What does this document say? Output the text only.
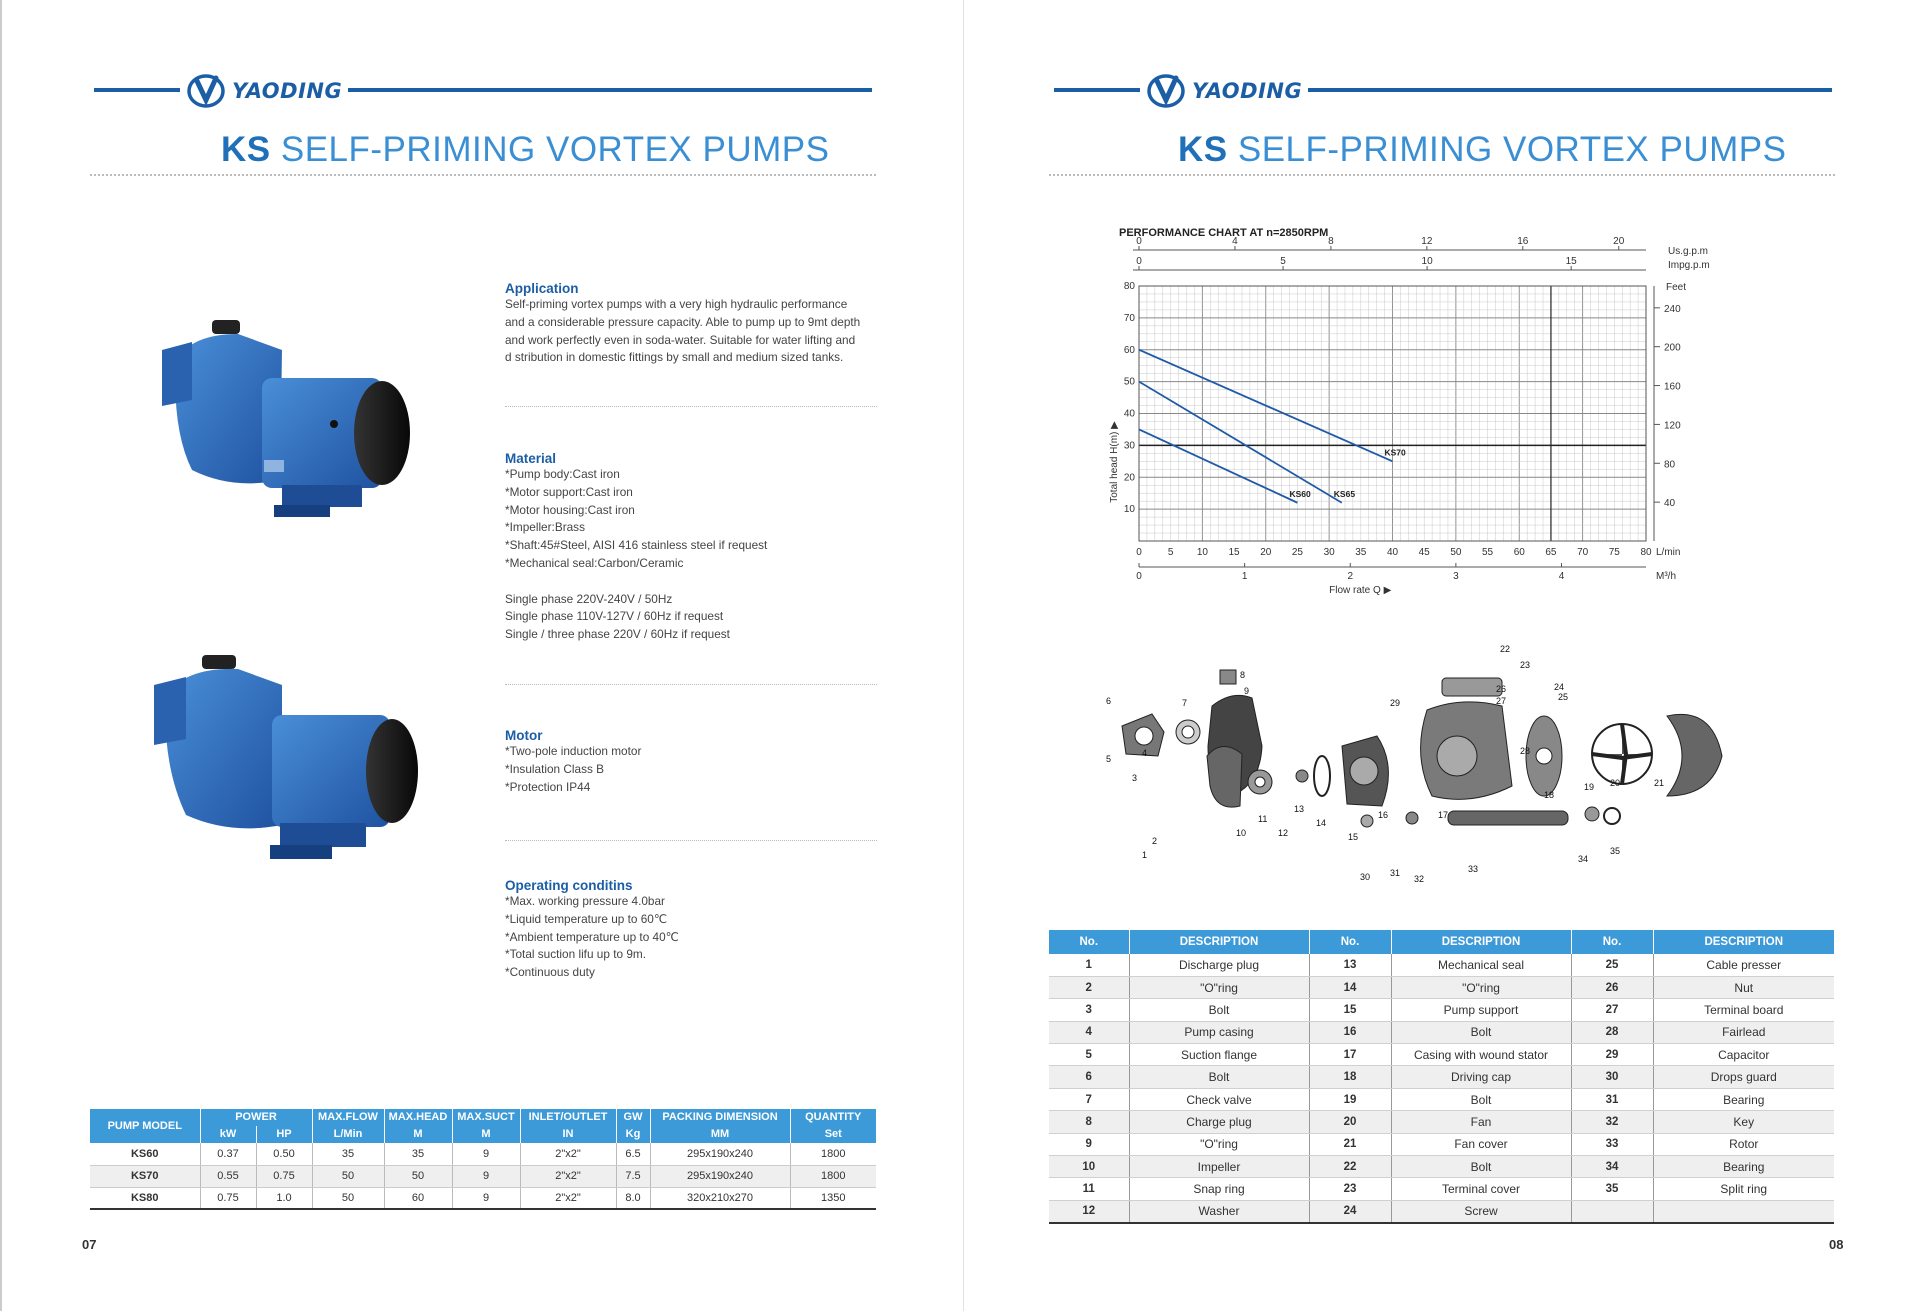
YAODING
KS SELF-PRIMING VORTEX PUMPS
Application
Self-priming vortex pumps with a very high hydraulic performance
and a considerable pressure capacity. Able to pump up to 9mt depth
and work perfectly even in soda-water. Suitable for water lifting and
d stribution in domestic fittings by small and medium sized tanks.
Material
*Pump body:Cast iron
*Motor support:Cast iron
*Motor housing:Cast iron
*Impeller:Brass
*Shaft:45#Steel, AISI 416 stainless steel if request
*Mechanical seal:Carbon/Ceramic

Single phase 220V-240V / 50Hz
Single phase 110V-127V / 60Hz if request
Single / three phase 220V / 60Hz if request
Motor
*Two-pole induction motor
*Insulation Class B
*Protection IP44
Operating conditins
*Max. working pressure 4.0bar
*Liquid temperature up to 60℃
*Ambient temperature up to 40℃
*Total suction lifu up to 9m.
*Continuous duty
PUMP MODEL	POWER		MAX.FLOW	MAX.HEAD	MAX.SUCT	INLET/OUTLET	GW	PACKING DIMENSION	QUANTITY
	kW	HP	L/Min	M	M	IN	Kg	MM	Set
KS60	0.37	0.50	35	35	9	2"x2"	6.5	295x190x240	1800
KS70	0.55	0.75	50	50	9	2"x2"	7.5	295x190x240	1800
KS80	0.75	1.0	50	60	9	2"x2"	8.0	320x210x270	1350
07
YAODING
KS SELF-PRIMING VORTEX PUMPS
PERFORMANCE CHART AT n=2850RPM
10
20
30
40
50
60
70
80
0	5 10 15 20 25 30 35 40 45 50 55 60 65 70 75 80 L/min
0	1	2	3	4	M³/h
Flow rate Q ▶
0	4	8	12	16	20
Us.g.p.m
0	5	10	15	Impg.p.m
Feet
240
200
160
120
80
40
Total head H(m) ▶	KS60	KS65
KS70
1
2
3
4
5
6	7
8
9
10
11
12
13
14
15
16	17
18
19 20	21
22
23
24
25
26
27
28
29
30 31
32
33
34
35
No.	DESCRIPTION	No.	DESCRIPTION	No.	DESCRIPTION
1	Discharge plug	13	Mechanical seal	25	Cable presser
2	"O"ring	14	"O"ring	26	Nut
3	Bolt	15	Pump support	27	Terminal board
4	Pump casing	16	Bolt	28	Fairlead
5	Suction flange	17	Casing with wound stator	29	Capacitor
6	Bolt	18	Driving cap	30	Drops guard
7	Check valve	19	Bolt	31	Bearing
8	Charge plug	20	Fan	32	Key
9	"O"ring	21	Fan cover	33	Rotor
10	Impeller	22	Bolt	34	Bearing
11	Snap ring	23	Terminal cover	35	Split ring
12	Washer	24	Screw		
08
